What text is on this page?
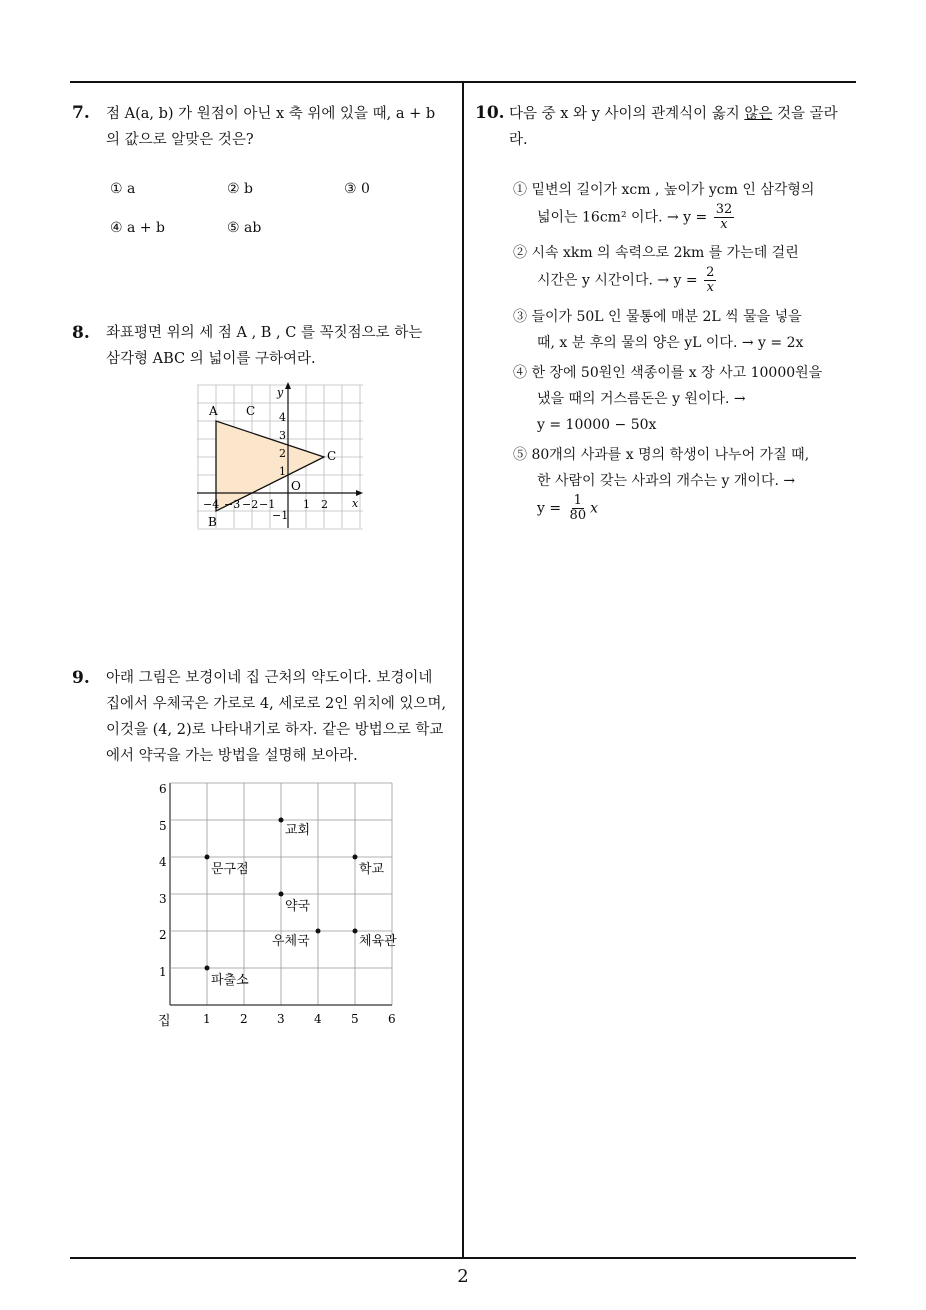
7. 점 A(a, b) 가 원점이 아닌 x 축 위에 있을 때, a + b
의 값으로 알맞은 것은?
① a	② b	③ 0
④ a + b	⑤ ab
8. 좌표평면 위의 세 점 A , B , C 를 꼭짓점으로 하는
삼각형 ABC 의 넓이를 구하여라.
y
x
A C
C
B
O
4
3
2
1
−1
−4 −3 −2 −1	1 2
9. 아래 그림은 보경이네 집 근처의 약도이다. 보경이네
집에서 우체국은 가로로 4, 세로로 2인 위치에 있으며,
이것을 (4, 2)로 나타내기로 하자. 같은 방법으로 학교
에서 약국을 가는 방법을 설명해 보아라.
교회
문구점	학교
약국
우체국	체육관
파출소
집	1 2 3 4 5 6
1
2
3
4
5
6
10. 다음 중 x 와 y 사이의 관계식이 옳지 않은 것을 골라
라.
① 밑변의 길이가 xcm , 높이가 ycm 인 삼각형의
넓이는 16cm² 이다. → $y = \frac{32}{x}$
② 시속 xkm 의 속력으로 2km 를 가는데 걸린
시간은 y 시간이다. → $y = \frac{2}{x}$
③ 들이가 50L 인 물통에 매분 2L 씩 물을 넣을
때, x 분 후의 물의 양은 yL 이다. → y = 2x
④ 한 장에 50원인 색종이를 x 장 사고 10000원을
냈을 때의 거스름돈은 y 원이다. →
y = 10000 − 50x
⑤ 80개의 사과를 x 명의 학생이 나누어 가질 때,
한 사람이 갖는 사과의 개수는 y 개이다. →
$y = \frac{1}{80}$ x
2
